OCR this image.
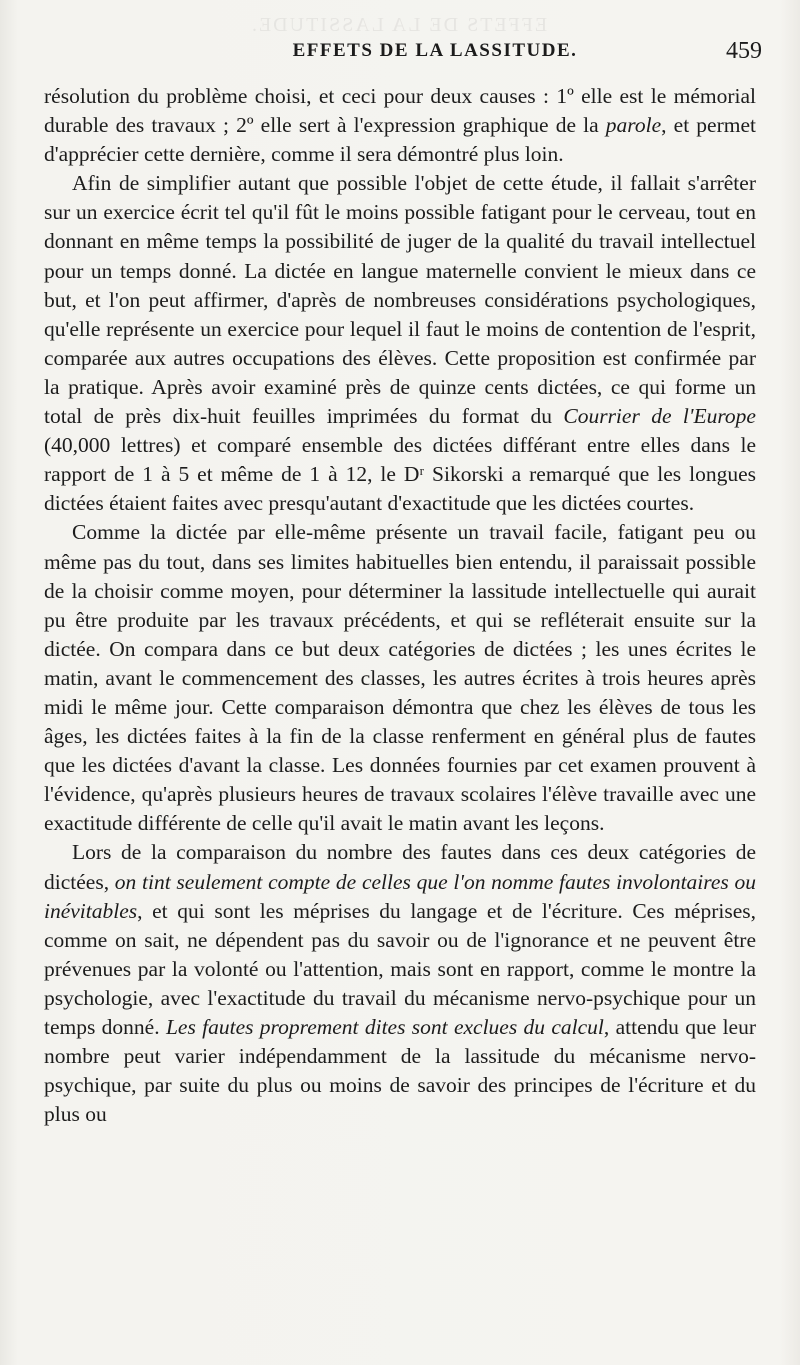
EFFETS DE LA LASSITUDE.
EFFETS DE LA LASSITUDE.	459

résolution du problème choisi, et ceci pour deux causes : 1º elle est le mémorial durable des travaux ; 2º elle sert à l'expression graphique de la parole, et permet d'apprécier cette dernière, comme il sera démontré plus loin.

Afin de simplifier autant que possible l'objet de cette étude, il fallait s'arrêter sur un exercice écrit tel qu'il fût le moins possible fatigant pour le cerveau, tout en donnant en même temps la possibilité de juger de la qualité du travail intellectuel pour un temps donné. La dictée en langue maternelle convient le mieux dans ce but, et l'on peut affirmer, d'après de nombreuses considérations psychologiques, qu'elle représente un exercice pour lequel il faut le moins de contention de l'esprit, comparée aux autres occupations des élèves. Cette proposition est confirmée par la pratique. Après avoir examiné près de quinze cents dictées, ce qui forme un total de près dix-huit feuilles imprimées du format du Courrier de l'Europe (40,000 lettres) et comparé ensemble des dictées différant entre elles dans le rapport de 1 à 5 et même de 1 à 12, le Dʳ Sikorski a remarqué que les longues dictées étaient faites avec presqu'autant d'exactitude que les dictées courtes.

Comme la dictée par elle-même présente un travail facile, fatigant peu ou même pas du tout, dans ses limites habituelles bien entendu, il paraissait possible de la choisir comme moyen, pour déterminer la lassitude intellectuelle qui aurait pu être produite par les travaux précédents, et qui se refléterait ensuite sur la dictée. On compara dans ce but deux catégories de dictées ; les unes écrites le matin, avant le commencement des classes, les autres écrites à trois heures après midi le même jour. Cette comparaison démontra que chez les élèves de tous les âges, les dictées faites à la fin de la classe renferment en général plus de fautes que les dictées d'avant la classe. Les données fournies par cet examen prouvent à l'évidence, qu'après plusieurs heures de travaux scolaires l'élève travaille avec une exactitude différente de celle qu'il avait le matin avant les leçons.

Lors de la comparaison du nombre des fautes dans ces deux catégories de dictées, on tint seulement compte de celles que l'on nomme fautes involontaires ou inévitables, et qui sont les méprises du langage et de l'écriture. Ces méprises, comme on sait, ne dépendent pas du savoir ou de l'ignorance et ne peuvent être prévenues par la volonté ou l'attention, mais sont en rapport, comme le montre la psychologie, avec l'exactitude du travail du mécanisme nervo-psychique pour un temps donné. Les fautes proprement dites sont exclues du calcul, attendu que leur nombre peut varier indépendamment de la lassitude du mécanisme nervo-psychique, par suite du plus ou moins de savoir des principes de l'écriture et du plus ou
